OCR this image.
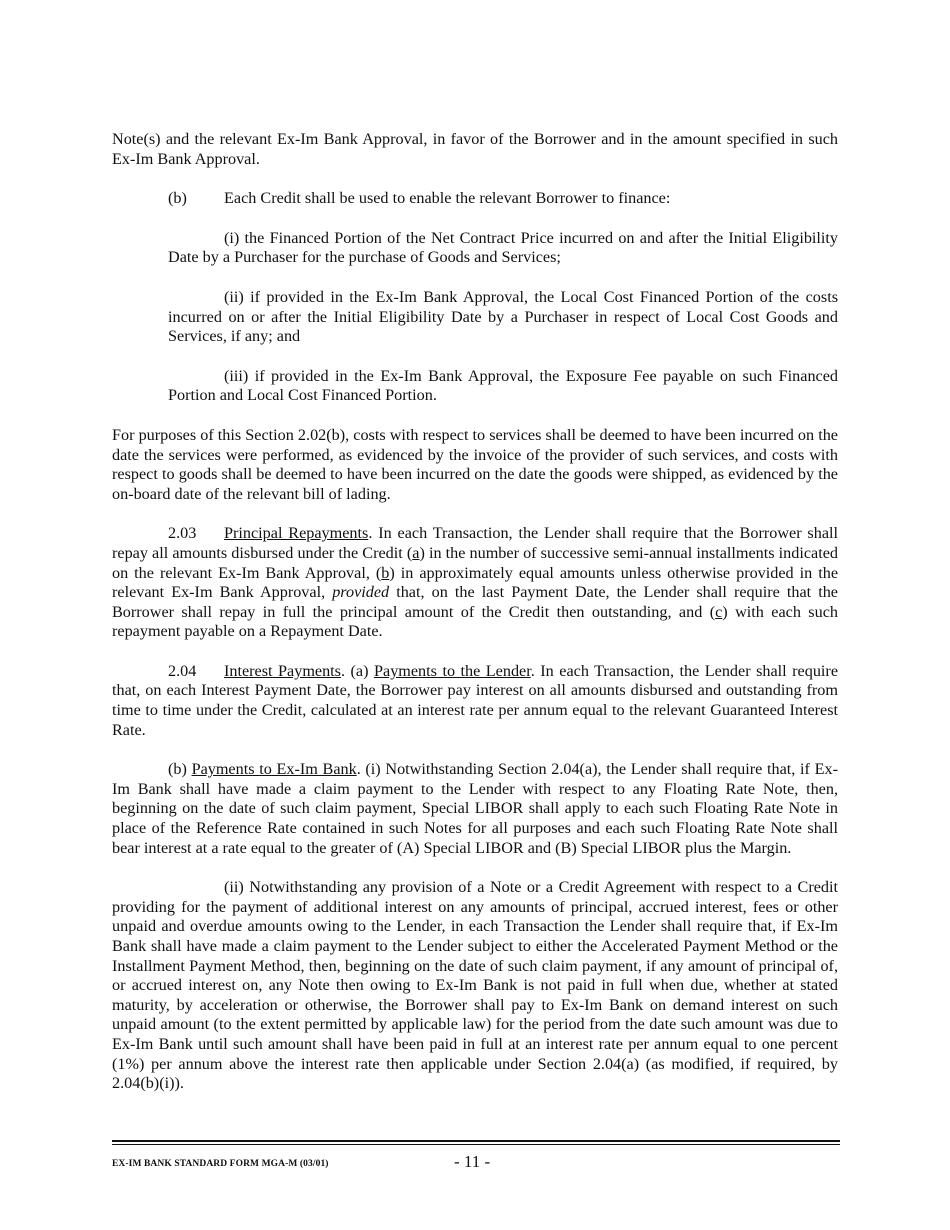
Note(s) and the relevant Ex-Im Bank Approval, in favor of the Borrower and in the amount specified in such Ex-Im Bank Approval.

(b) Each Credit shall be used to enable the relevant Borrower to finance:

(i) the Financed Portion of the Net Contract Price incurred on and after the Initial Eligibility Date by a Purchaser for the purchase of Goods and Services;

(ii) if provided in the Ex-Im Bank Approval, the Local Cost Financed Portion of the costs incurred on or after the Initial Eligibility Date by a Purchaser in respect of Local Cost Goods and Services, if any; and

(iii) if provided in the Ex-Im Bank Approval, the Exposure Fee payable on such Financed Portion and Local Cost Financed Portion.

For purposes of this Section 2.02(b), costs with respect to services shall be deemed to have been incurred on the date the services were performed, as evidenced by the invoice of the provider of such services, and costs with respect to goods shall be deemed to have been incurred on the date the goods were shipped, as evidenced by the on-board date of the relevant bill of lading.

2.03 Principal Repayments. In each Transaction, the Lender shall require that the Borrower shall repay all amounts disbursed under the Credit (a) in the number of successive semi-annual installments indicated on the relevant Ex-Im Bank Approval, (b) in approximately equal amounts unless otherwise provided in the relevant Ex-Im Bank Approval, provided that, on the last Payment Date, the Lender shall require that the Borrower shall repay in full the principal amount of the Credit then outstanding, and (c) with each such repayment payable on a Repayment Date.

2.04 Interest Payments. (a) Payments to the Lender. In each Transaction, the Lender shall require that, on each Interest Payment Date, the Borrower pay interest on all amounts disbursed and outstanding from time to time under the Credit, calculated at an interest rate per annum equal to the relevant Guaranteed Interest Rate.

(b) Payments to Ex-Im Bank. (i) Notwithstanding Section 2.04(a), the Lender shall require that, if Ex-Im Bank shall have made a claim payment to the Lender with respect to any Floating Rate Note, then, beginning on the date of such claim payment, Special LIBOR shall apply to each such Floating Rate Note in place of the Reference Rate contained in such Notes for all purposes and each such Floating Rate Note shall bear interest at a rate equal to the greater of (A) Special LIBOR and (B) Special LIBOR plus the Margin.

(ii) Notwithstanding any provision of a Note or a Credit Agreement with respect to a Credit providing for the payment of additional interest on any amounts of principal, accrued interest, fees or other unpaid and overdue amounts owing to the Lender, in each Transaction the Lender shall require that, if Ex-Im Bank shall have made a claim payment to the Lender subject to either the Accelerated Payment Method or the Installment Payment Method, then, beginning on the date of such claim payment, if any amount of principal of, or accrued interest on, any Note then owing to Ex-Im Bank is not paid in full when due, whether at stated maturity, by acceleration or otherwise, the Borrower shall pay to Ex-Im Bank on demand interest on such unpaid amount (to the extent permitted by applicable law) for the period from the date such amount was due to Ex-Im Bank until such amount shall have been paid in full at an interest rate per annum equal to one percent (1%) per annum above the interest rate then applicable under Section 2.04(a) (as modified, if required, by 2.04(b)(i)).

EX-IM BANK STANDARD FORM MGA-M (03/01)	- 11 -
